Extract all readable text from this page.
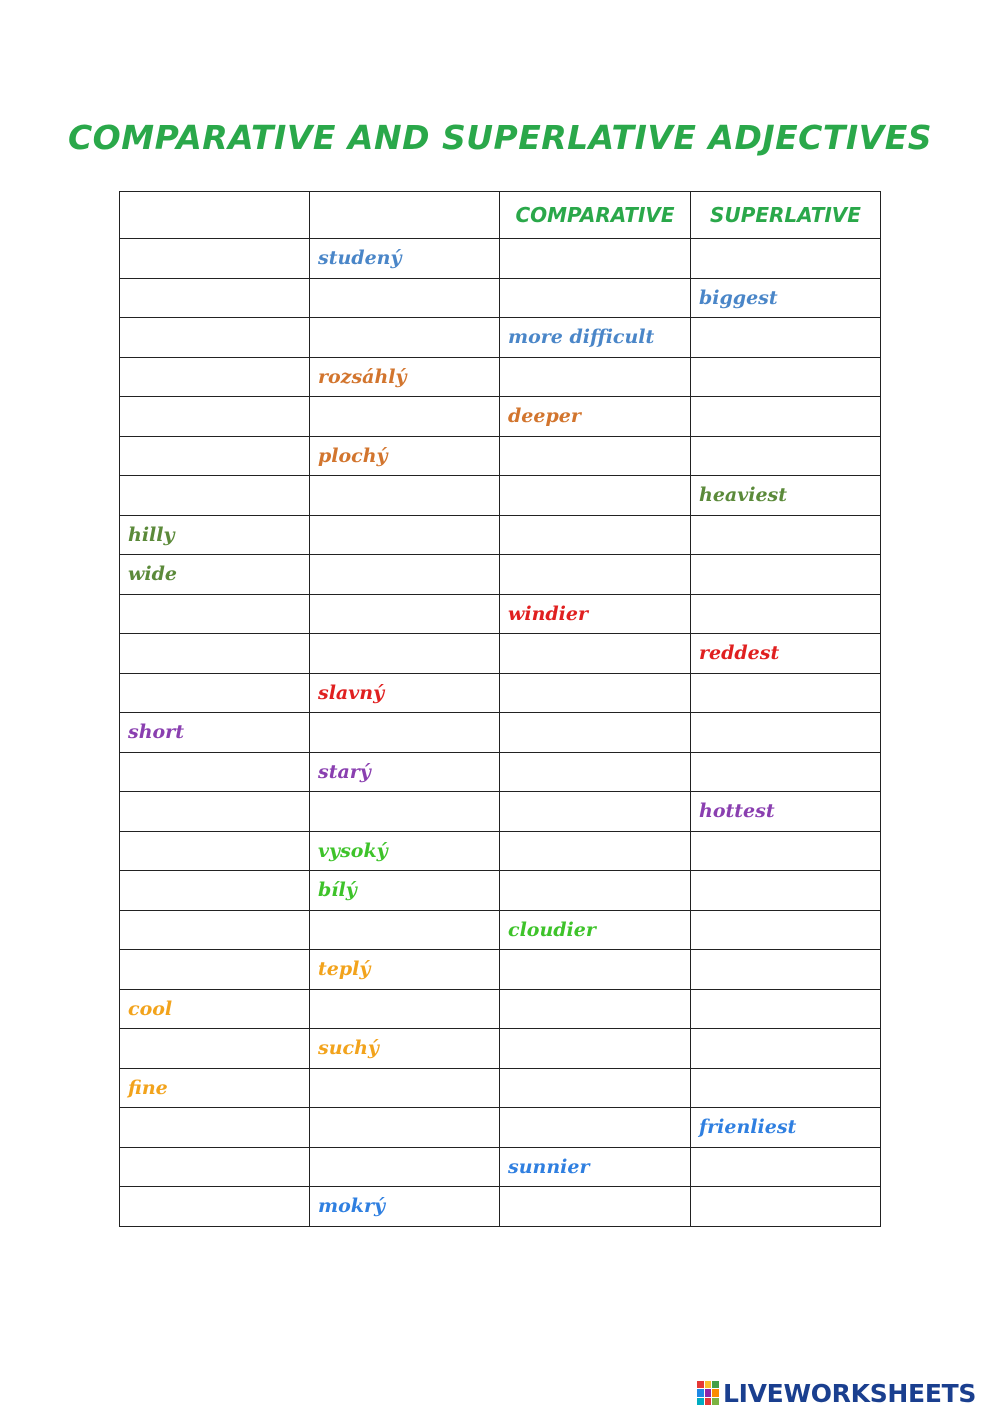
COMPARATIVE AND SUPERLATIVE ADJECTIVES
		COMPARATIVE	SUPERLATIVE
	studený		
			biggest
		more difficult	
	rozsáhlý		
		deeper	
	plochý		
			heaviest
hilly			
wide			
		windier	
			reddest
	slavný		
short			
	starý		
			hottest
	vysoký		
	bílý		
		cloudier	
	teplý		
cool			
	suchý		
fine			
			frienliest
		sunnier	
	mokrý		
LIVEWORKSHEETS
